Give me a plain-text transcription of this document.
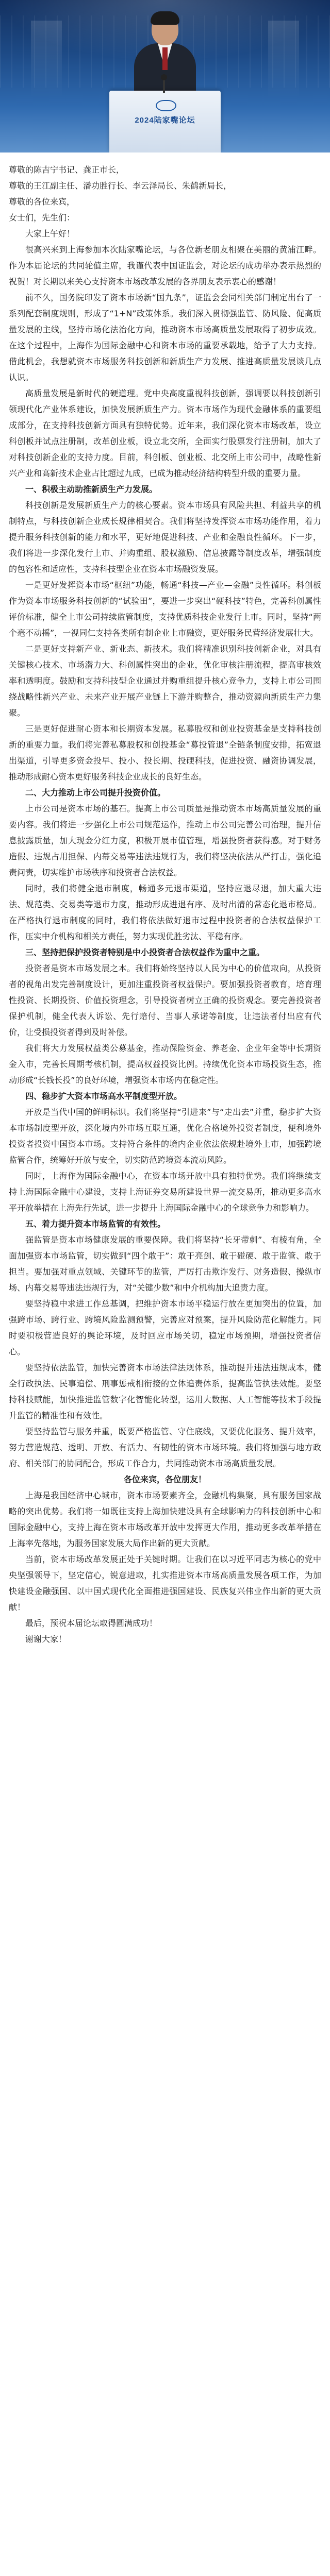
2024陆家嘴论坛

尊敬的陈吉宁书记、龚正市长，

尊敬的王江副主任、潘功胜行长、李云泽局长、朱鹤新局长，

尊敬的各位来宾，

女士们，先生们：

大家上午好！

很高兴来到上海参加本次陆家嘴论坛，与各位新老朋友相聚在美丽的黄浦江畔。作为本届论坛的共同轮值主席，我谨代表中国证监会，对论坛的成功举办表示热烈的祝贺！对长期以来关心支持资本市场改革发展的各界朋友表示衷心的感谢！

前不久，国务院印发了资本市场新“国九条”，证监会会同相关部门制定出台了一系列配套制度规则，形成了“1+N”政策体系。我们深入贯彻强监管、防风险、促高质量发展的主线，坚持市场化法治化方向，推动资本市场高质量发展取得了初步成效。在这个过程中，上海作为国际金融中心和资本市场的重要承载地，给予了大力支持。借此机会，我想就资本市场服务科技创新和新质生产力发展、推进高质量发展谈几点认识。

高质量发展是新时代的硬道理。党中央高度重视科技创新，强调要以科技创新引领现代化产业体系建设，加快发展新质生产力。资本市场作为现代金融体系的重要组成部分，在支持科技创新方面具有独特优势。近年来，我们深化资本市场改革，设立科创板并试点注册制，改革创业板，设立北交所，全面实行股票发行注册制，加大了对科技创新企业的支持力度。目前，科创板、创业板、北交所上市公司中，战略性新兴产业和高新技术企业占比超过九成，已成为推动经济结构转型升级的重要力量。

一、积极主动助推新质生产力发展。

科技创新是发展新质生产力的核心要素。资本市场具有风险共担、利益共享的机制特点，与科技创新企业成长规律相契合。我们将坚持发挥资本市场功能作用，着力提升服务科技创新的能力和水平，更好地促进科技、产业和金融良性循环。下一步，我们将进一步深化发行上市、并购重组、股权激励、信息披露等制度改革，增强制度的包容性和适应性，支持科技型企业在资本市场融资发展。

一是更好发挥资本市场“枢纽”功能，畅通“科技—产业—金融”良性循环。科创板作为资本市场服务科技创新的“试验田”，要进一步突出“硬科技”特色，完善科创属性评价标准，健全上市公司持续监管制度，支持优质科技企业发行上市。同时，坚持“两个毫不动摇”，一视同仁支持各类所有制企业上市融资，更好服务民营经济发展壮大。

二是更好支持新产业、新业态、新技术。我们将精准识别科技创新企业，对具有关键核心技术、市场潜力大、科创属性突出的企业，优化审核注册流程，提高审核效率和透明度。鼓励和支持科技型企业通过并购重组提升核心竞争力，支持上市公司围绕战略性新兴产业、未来产业开展产业链上下游并购整合，推动资源向新质生产力集聚。

三是更好促进耐心资本和长期资本发展。私募股权和创业投资基金是支持科技创新的重要力量。我们将完善私募股权和创投基金“募投管退”全链条制度安排，拓宽退出渠道，引导更多资金投早、投小、投长期、投硬科技，促进投资、融资协调发展，推动形成耐心资本更好服务科技企业成长的良好生态。

二、大力推动上市公司提升投资价值。

上市公司是资本市场的基石。提高上市公司质量是推动资本市场高质量发展的重要内容。我们将进一步强化上市公司规范运作，推动上市公司完善公司治理，提升信息披露质量，加大现金分红力度，积极开展市值管理，增强投资者获得感。对于财务造假、违规占用担保、内幕交易等违法违规行为，我们将坚决依法从严打击，强化追责问责，切实维护市场秩序和投资者合法权益。

同时，我们将健全退市制度，畅通多元退市渠道，坚持应退尽退，加大重大违法、规范类、交易类等退市力度，推动形成进退有序、及时出清的常态化退市格局。在严格执行退市制度的同时，我们将依法做好退市过程中投资者的合法权益保护工作，压实中介机构和相关方责任，努力实现优胜劣汰、平稳有序。

三、坚持把保护投资者特别是中小投资者合法权益作为重中之重。

投资者是资本市场发展之本。我们将始终坚持以人民为中心的价值取向，从投资者的视角出发完善制度设计，更加注重投资者权益保护。要加强投资者教育，培育理性投资、长期投资、价值投资理念，引导投资者树立正确的投资观念。要完善投资者保护机制，健全代表人诉讼、先行赔付、当事人承诺等制度，让违法者付出应有代价，让受损投资者得到及时补偿。

我们将大力发展权益类公募基金，推动保险资金、养老金、企业年金等中长期资金入市，完善长周期考核机制，提高权益投资比例。持续优化资本市场投资生态，推动形成“长钱长投”的良好环境，增强资本市场内在稳定性。

四、稳步扩大资本市场高水平制度型开放。

开放是当代中国的鲜明标识。我们将坚持“引进来”与“走出去”并重，稳步扩大资本市场制度型开放，深化境内外市场互联互通，优化合格境外投资者制度，便利境外投资者投资中国资本市场。支持符合条件的境内企业依法依规赴境外上市，加强跨境监管合作，统筹好开放与安全，切实防范跨境资本流动风险。

同时，上海作为国际金融中心，在资本市场开放中具有独特优势。我们将继续支持上海国际金融中心建设，支持上海证券交易所建设世界一流交易所，推动更多高水平开放举措在上海先行先试，进一步提升上海国际金融中心的全球竞争力和影响力。

五、着力提升资本市场监管的有效性。

强监管是资本市场健康发展的重要保障。我们将坚持“长牙带刺”、有棱有角，全面加强资本市场监管，切实做到“四个敢于”：敢于亮剑、敢于碰硬、敢于监管、敢于担当。要加强对重点领域、关键环节的监管，严厉打击欺诈发行、财务造假、操纵市场、内幕交易等违法违规行为，对“关键少数”和中介机构加大追责力度。

要坚持稳中求进工作总基调，把维护资本市场平稳运行放在更加突出的位置，加强跨市场、跨行业、跨境风险监测预警，完善应对预案，提升风险防范化解能力。同时要积极营造良好的舆论环境，及时回应市场关切，稳定市场预期，增强投资者信心。

要坚持依法监管，加快完善资本市场法律法规体系，推动提升违法违规成本，健全行政执法、民事追偿、刑事惩戒相衔接的立体追责体系，提高监管执法效能。要坚持科技赋能，加快推进监管数字化智能化转型，运用大数据、人工智能等技术手段提升监管的精准性和有效性。

要坚持监管与服务并重，既要严格监管、守住底线，又要优化服务、提升效率，努力营造规范、透明、开放、有活力、有韧性的资本市场环境。我们将加强与地方政府、相关部门的协同配合，形成工作合力，共同推动资本市场高质量发展。

各位来宾，各位朋友！

上海是我国经济中心城市，资本市场要素齐全，金融机构集聚，具有服务国家战略的突出优势。我们将一如既往支持上海加快建设具有全球影响力的科技创新中心和国际金融中心，支持上海在资本市场改革开放中发挥更大作用，推动更多改革举措在上海率先落地，为服务国家发展大局作出新的更大贡献。

当前，资本市场改革发展正处于关键时期。让我们在以习近平同志为核心的党中央坚强领导下，坚定信心，锐意进取，扎实推进资本市场高质量发展各项工作，为加快建设金融强国、以中国式现代化全面推进强国建设、民族复兴伟业作出新的更大贡献！

最后，预祝本届论坛取得圆满成功！

谢谢大家！
